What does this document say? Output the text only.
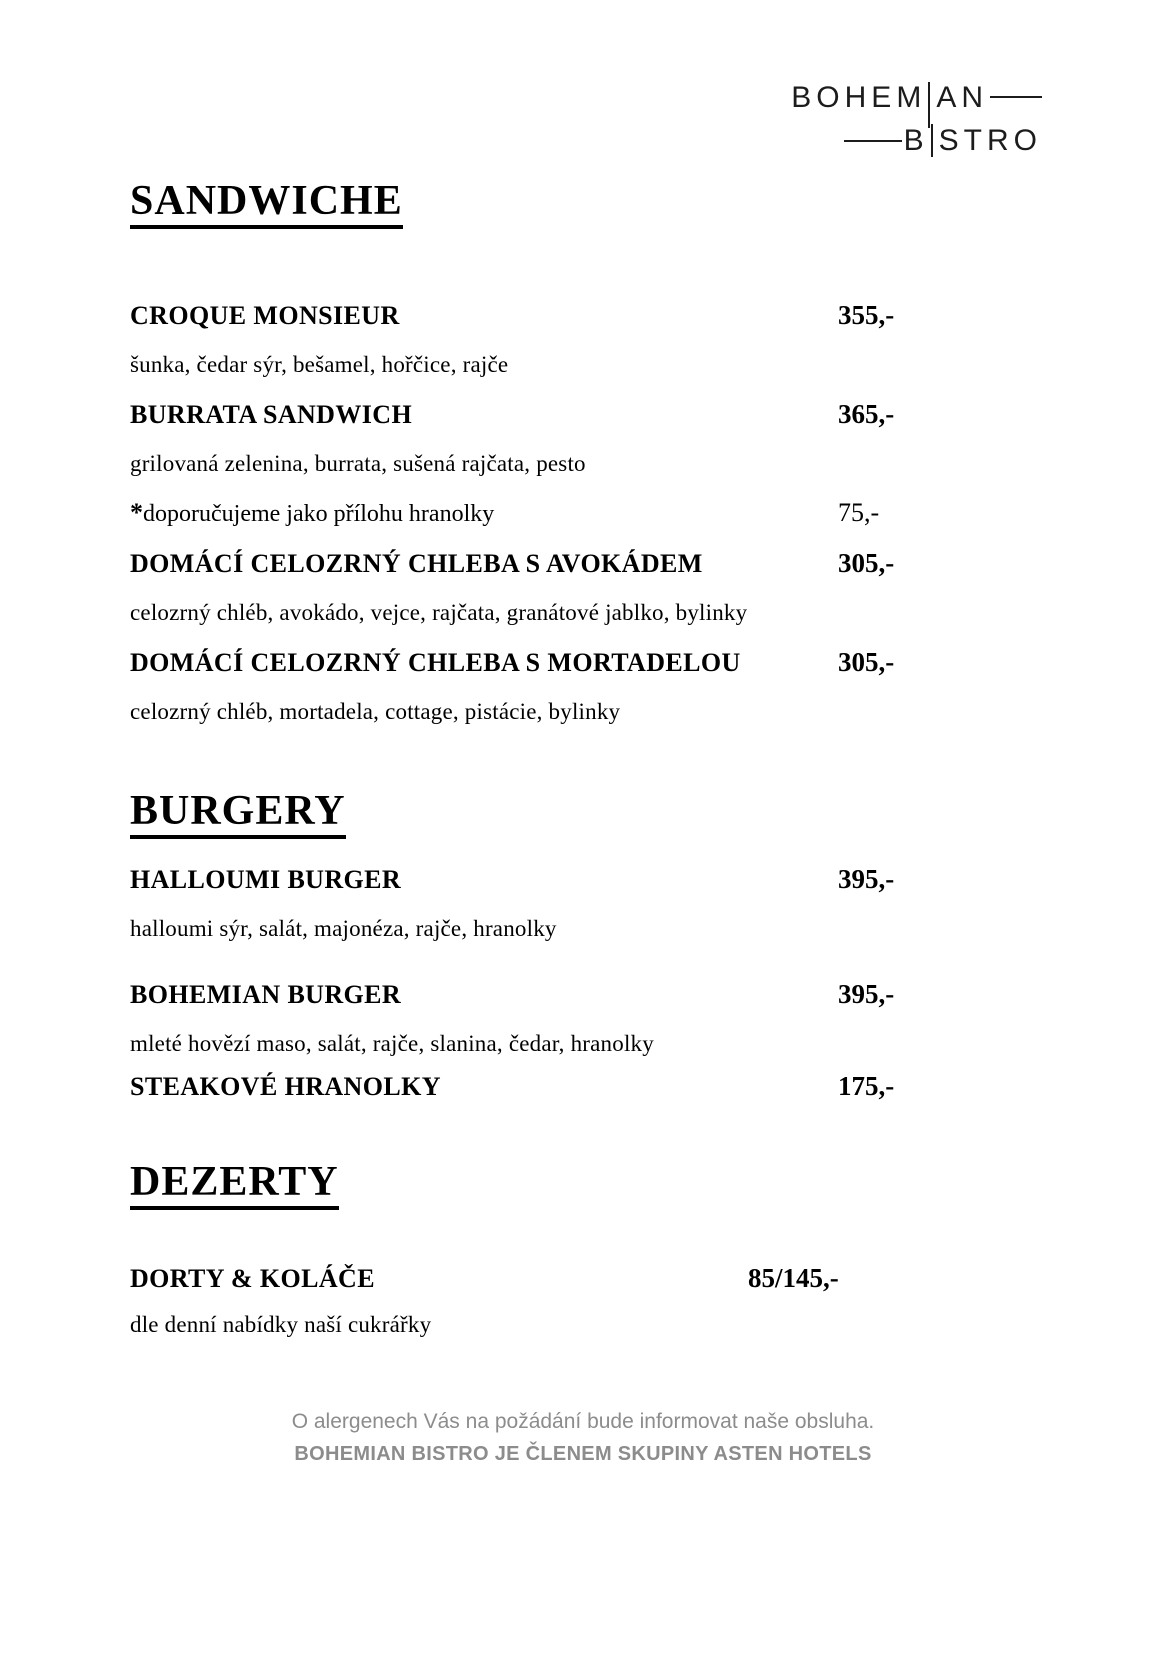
BOHEM AN
B STRO
SANDWICHE
CROQUE MONSIEUR	355,-
šunka, čedar sýr, bešamel, hořčice, rajče
BURRATA SANDWICH	365,-
grilovaná zelenina, burrata, sušená rajčata, pesto
*doporučujeme jako přílohu hranolky	75,-
DOMÁCÍ CELOZRNÝ CHLEBA S AVOKÁDEM	305,-
celozrný chléb, avokádo, vejce, rajčata, granátové jablko, bylinky
DOMÁCÍ CELOZRNÝ CHLEBA S MORTADELOU	305,-
celozrný chléb, mortadela, cottage, pistácie, bylinky
BURGERY
HALLOUMI BURGER	395,-
halloumi sýr, salát, majonéza, rajče, hranolky
BOHEMIAN BURGER	395,-
mleté hovězí maso, salát, rajče, slanina, čedar, hranolky
STEAKOVÉ HRANOLKY	175,-
DEZERTY
DORTY & KOLÁČE	85/145,-
dle denní nabídky naší cukrářky
O alergenech Vás na požádání bude informovat naše obsluha.
BOHEMIAN BISTRO JE ČLENEM SKUPINY ASTEN HOTELS
